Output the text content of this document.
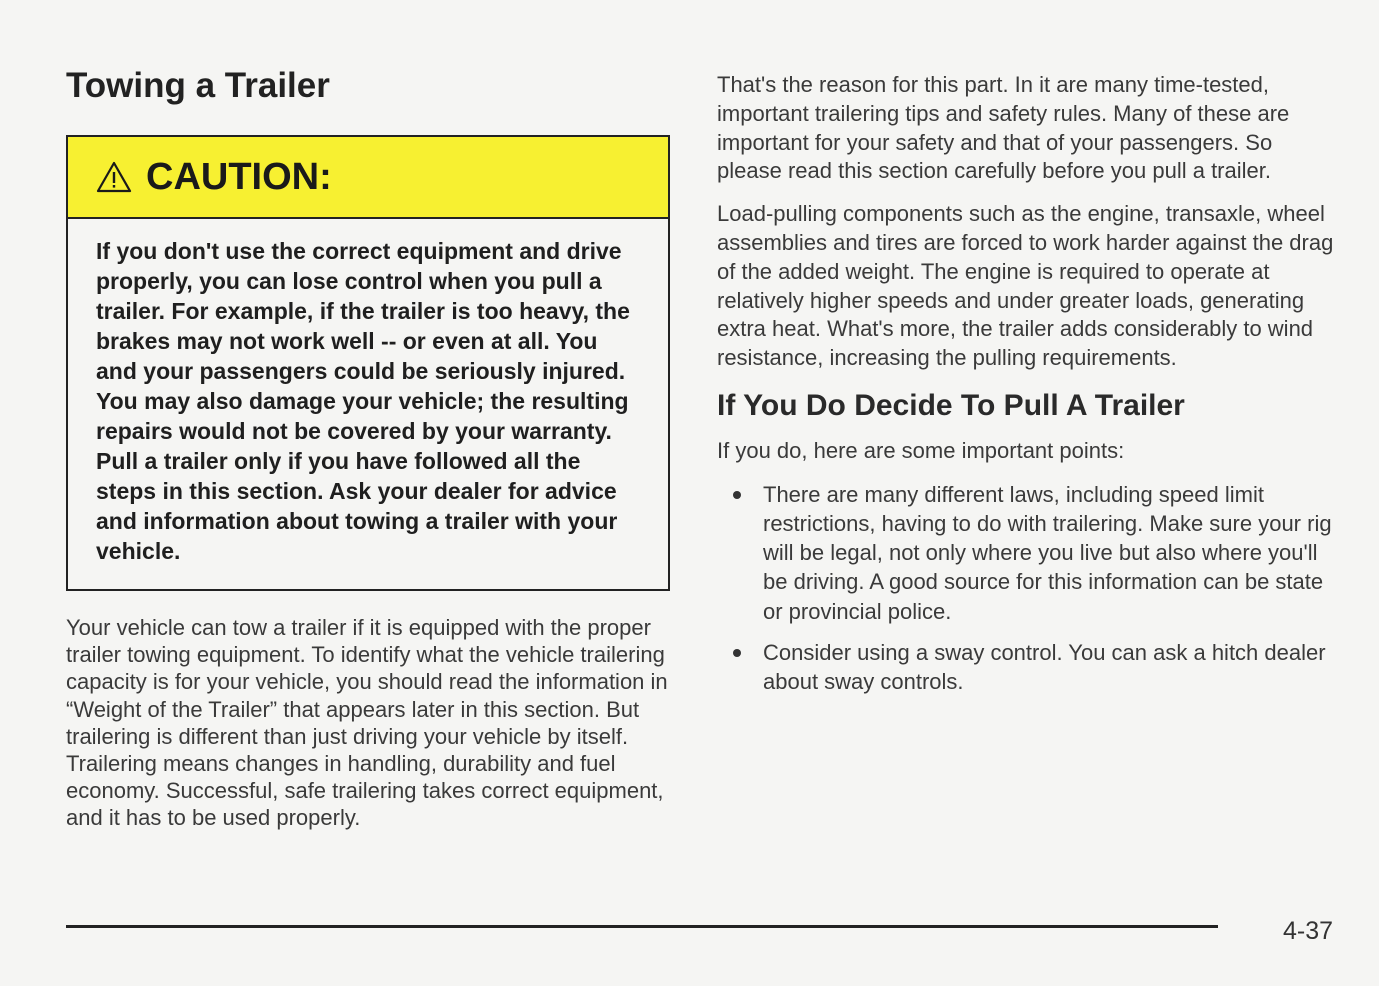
Towing a Trailer
CAUTION:
If you don't use the correct equipment and drive properly, you can lose control when you pull a trailer. For example, if the trailer is too heavy, the brakes may not work well -- or even at all. You and your passengers could be seriously injured. You may also damage your vehicle; the resulting repairs would not be covered by your warranty. Pull a trailer only if you have followed all the steps in this section. Ask your dealer for advice and information about towing a trailer with your vehicle.

Your vehicle can tow a trailer if it is equipped with the proper trailer towing equipment. To identify what the vehicle trailering capacity is for your vehicle, you should read the information in “Weight of the Trailer” that appears later in this section. But trailering is different than just driving your vehicle by itself. Trailering means changes in handling, durability and fuel economy. Successful, safe trailering takes correct equipment, and it has to be used properly.

That's the reason for this part. In it are many time-tested, important trailering tips and safety rules. Many of these are important for your safety and that of your passengers. So please read this section carefully before you pull a trailer.

Load-pulling components such as the engine, transaxle, wheel assemblies and tires are forced to work harder against the drag of the added weight. The engine is required to operate at relatively higher speeds and under greater loads, generating extra heat. What's more, the trailer adds considerably to wind resistance, increasing the pulling requirements.

If You Do Decide To Pull A Trailer

If you do, here are some important points:

There are many different laws, including speed limit restrictions, having to do with trailering. Make sure your rig will be legal, not only where you live but also where you'll be driving. A good source for this information can be state or provincial police.
Consider using a sway control. You can ask a hitch dealer about sway controls.
4-37
